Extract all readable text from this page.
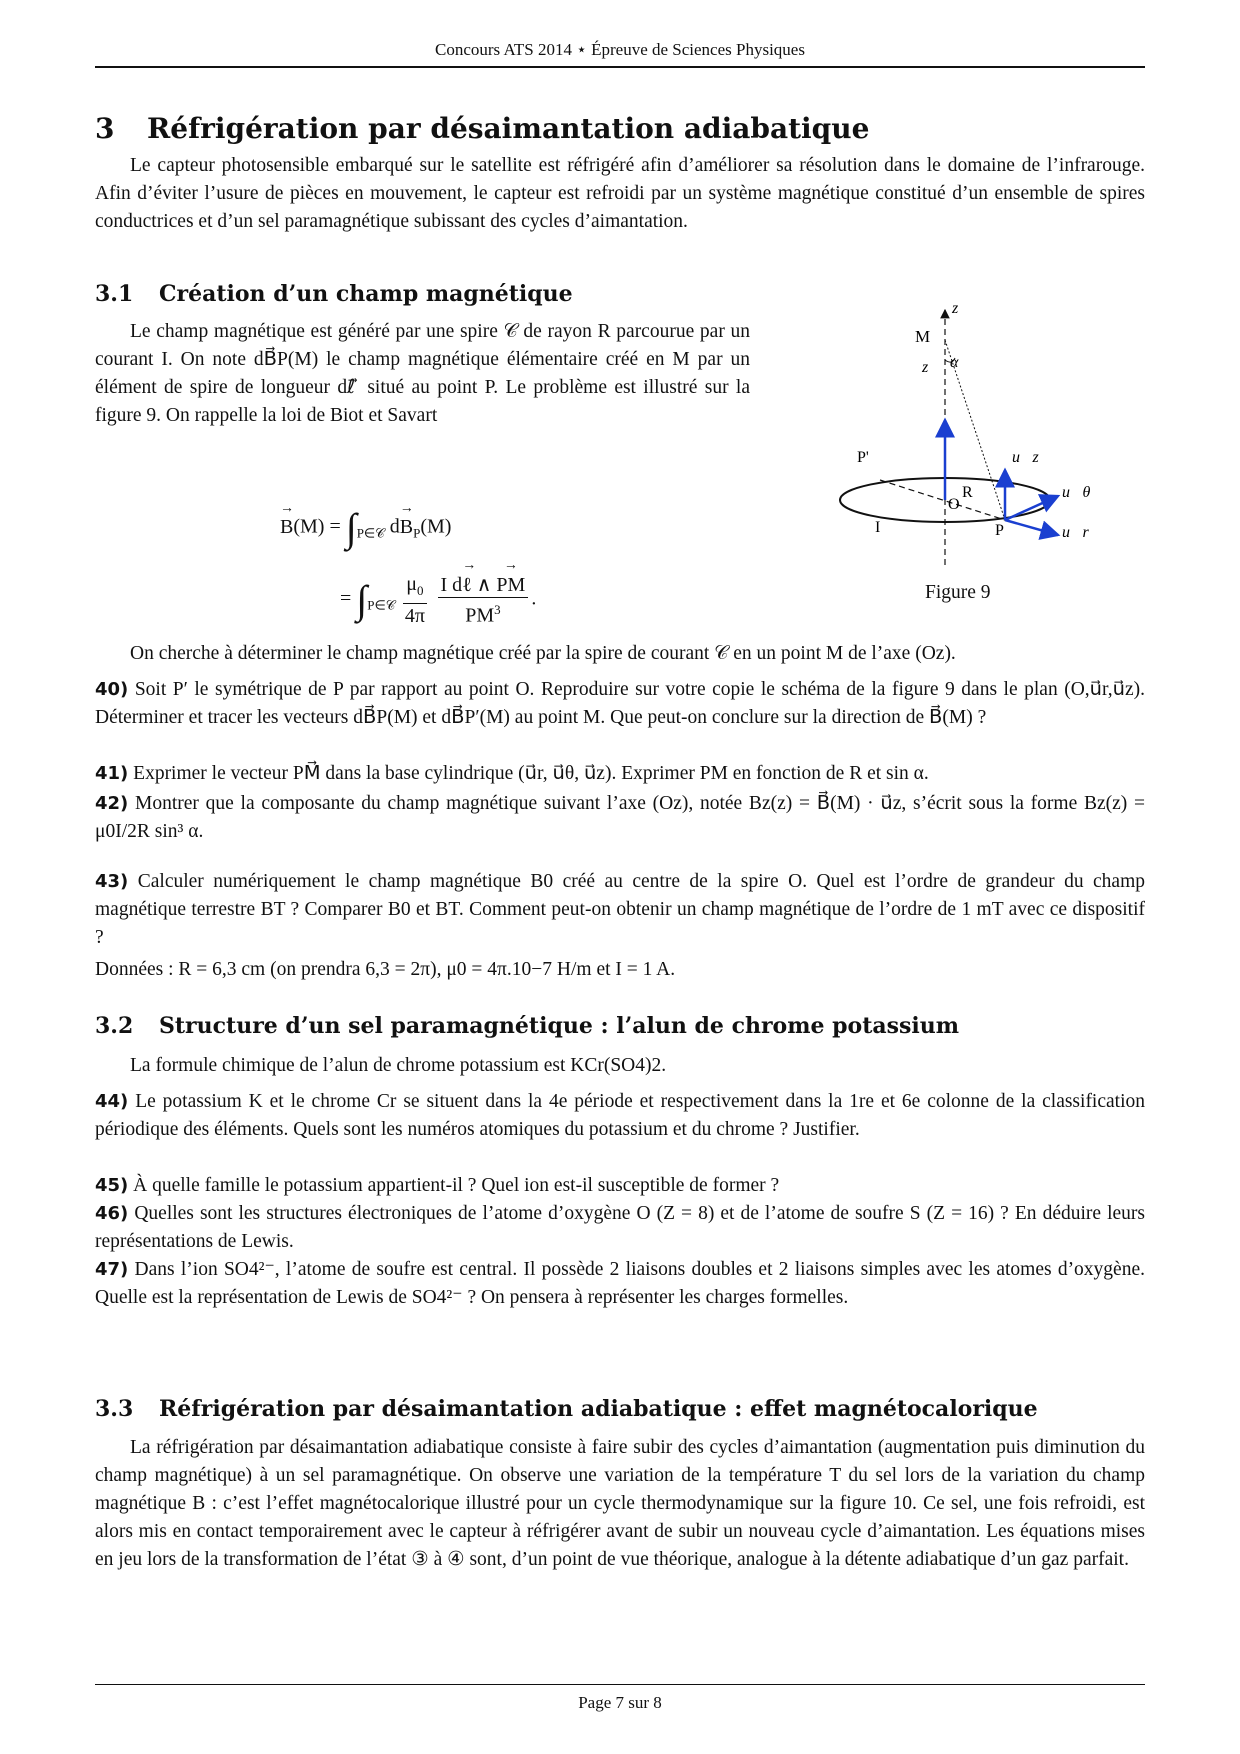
Concours ATS 2014 ⋆ Épreuve de Sciences Physiques
3 Réfrigération par désaimantation adiabatique

Le capteur photosensible embarqué sur le satellite est réfrigéré afin d’améliorer sa résolution dans le domaine de l’infrarouge. Afin d’éviter l’usure de pièces en mouvement, le capteur est refroidi par un système magnétique constitué d’un ensemble de spires conductrices et d’un sel paramagnétique subissant des cycles d’aimantation.

3.1 Création d’un champ magnétique

Le champ magnétique est généré par une spire 𝒞 de rayon R parcourue par un courant I. On note dB⃗P(M) le champ magnétique élémentaire créé en M par un élément de spire de longueur dℓ⃗ situé au point P. Le problème est illustré sur la figure 9. On rappelle la loi de Biot et Savart

→ $B(M) = \int_{P\in 𝒞}$ $d\to B_P(M)$
= $\int_{P\in 𝒞} \frac{\mu_0}{4\pi}$
$\frac{\text{I d→ ℓ ∧ → PM}}{PM^3}$ .
z
M
z α
P'
R
O
I	P
u⃗z
u⃗θ
u⃗r
Figure 9

On cherche à déterminer le champ magnétique créé par la spire de courant 𝒞 en un point M de l’axe (Oz).

40) Soit P′ le symétrique de P par rapport au point O. Reproduire sur votre copie le schéma de la figure 9 dans le plan (O,u⃗r,u⃗z). Déterminer et tracer les vecteurs dB⃗P(M) et dB⃗P′(M) au point M. Que peut-on conclure sur la direction de B⃗(M) ?
41) Exprimer le vecteur PM⃗ dans la base cylindrique (u⃗r, u⃗θ, u⃗z). Exprimer PM en fonction de R et sin α.
42) Montrer que la composante du champ magnétique suivant l’axe (Oz), notée Bz(z) = B⃗(M) · u⃗z, s’écrit sous la forme Bz(z) = μ0I/2R sin³ α.
43) Calculer numériquement le champ magnétique B0 créé au centre de la spire O. Quel est l’ordre de grandeur du champ magnétique terrestre BT ? Comparer B0 et BT. Comment peut-on obtenir un champ magnétique de l’ordre de 1 mT avec ce dispositif ?
Données : R = 6,3 cm (on prendra 6,3 = 2π), μ0 = 4π.10−7 H/m et I = 1 A.
3.2 Structure d’un sel paramagnétique : l’alun de chrome potassium

La formule chimique de l’alun de chrome potassium est KCr(SO4)2.

44) Le potassium K et le chrome Cr se situent dans la 4e période et respectivement dans la 1re et 6e colonne de la classification périodique des éléments. Quels sont les numéros atomiques du potassium et du chrome ? Justifier.
45) À quelle famille le potassium appartient-il ? Quel ion est-il susceptible de former ?
46) Quelles sont les structures électroniques de l’atome d’oxygène O (Z = 8) et de l’atome de soufre S (Z = 16) ? En déduire leurs représentations de Lewis.
47) Dans l’ion SO4²⁻, l’atome de soufre est central. Il possède 2 liaisons doubles et 2 liaisons simples avec les atomes d’oxygène. Quelle est la représentation de Lewis de SO4²⁻ ? On pensera à représenter les charges formelles.
3.3 Réfrigération par désaimantation adiabatique : effet magnétocalorique

La réfrigération par désaimantation adiabatique consiste à faire subir des cycles d’aimantation (augmentation puis diminution du champ magnétique) à un sel paramagnétique. On observe une variation de la température T du sel lors de la variation du champ magnétique B : c’est l’effet magnétocalorique illustré pour un cycle thermodynamique sur la figure 10. Ce sel, une fois refroidi, est alors mis en contact temporairement avec le capteur à réfrigérer avant de subir un nouveau cycle d’aimantation. Les équations mises en jeu lors de la transformation de l’état ③ à ④ sont, d’un point de vue théorique, analogue à la détente adiabatique d’un gaz parfait.

Page 7 sur 8
